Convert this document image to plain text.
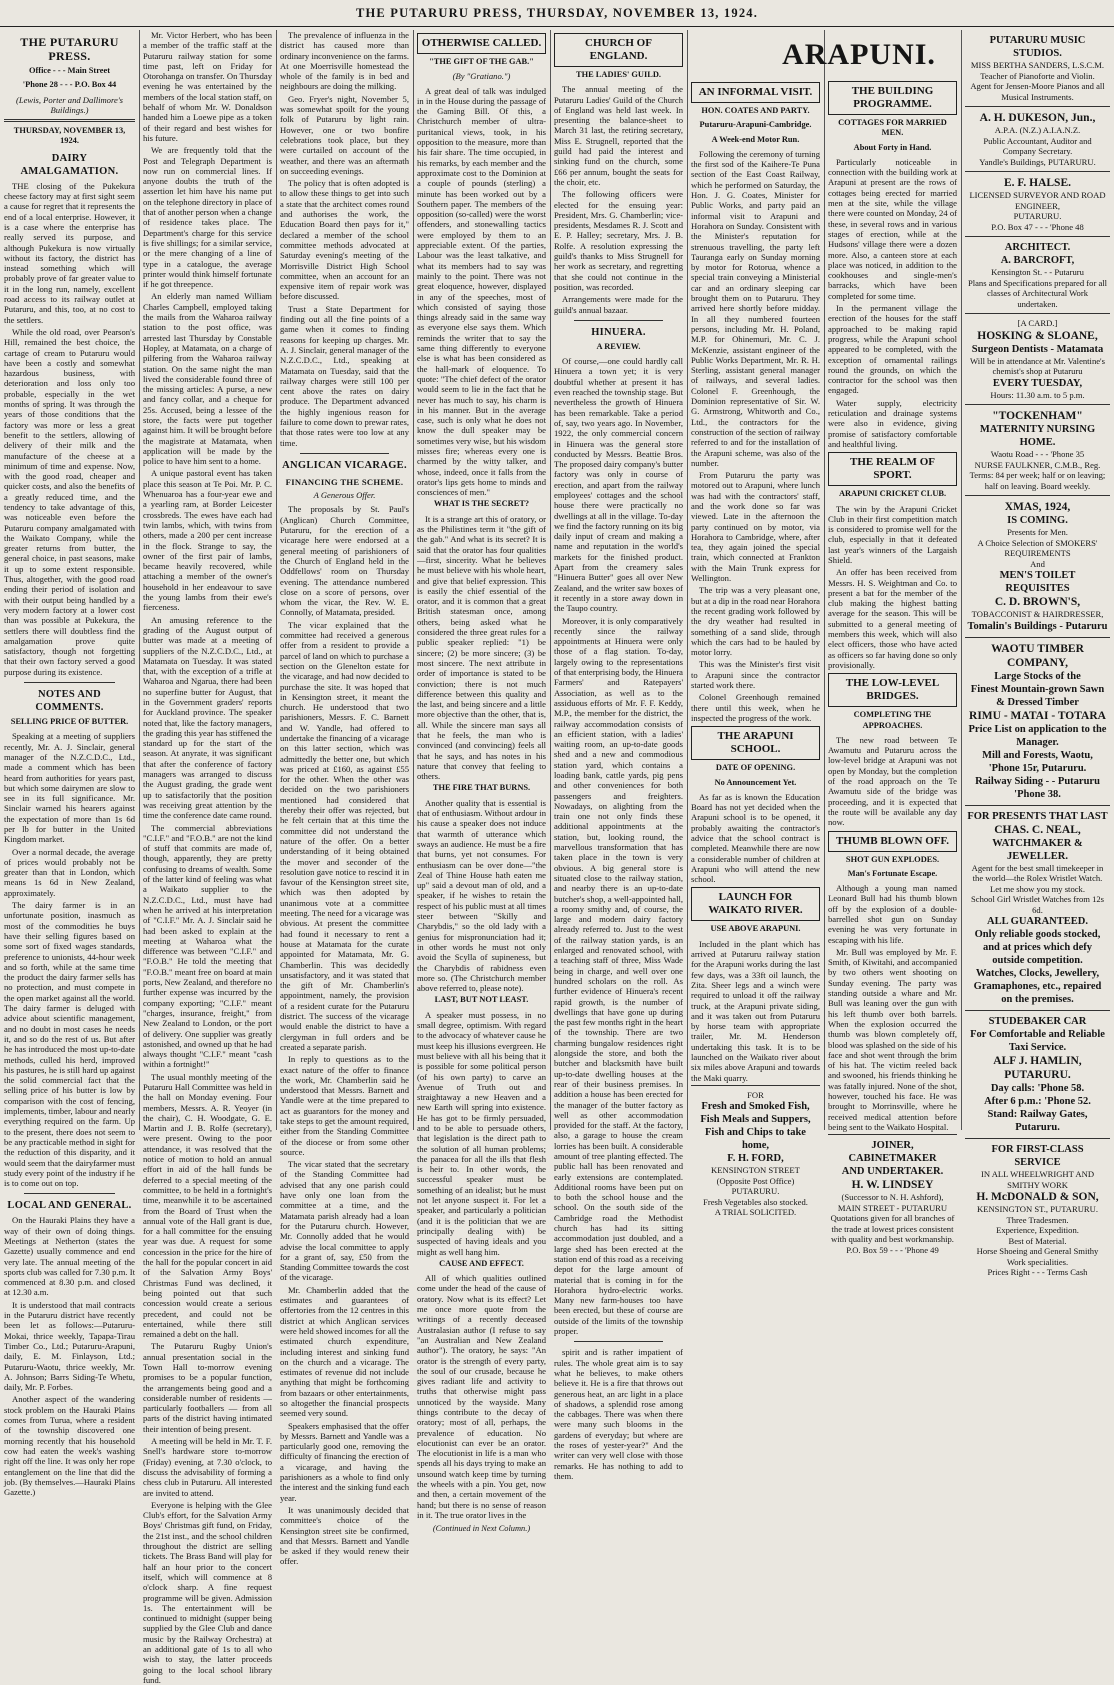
THE PUTARURU PRESS, THURSDAY, NOVEMBER 13, 1924.
THE PUTARURU PRESS.
Office - - - Main Street
'Phone 28 - - - P.O. Box 44
(Lewis, Porter and Dallimore's Buildings.)
THURSDAY, NOVEMBER 13, 1924.
DAIRY AMALGAMATION.

THE closing of the Pukekura cheese factory may at first sight seem a cause for regret that it represents the end of a local enterprise. However, it is a case where the enterprise has really served its purpose, and although Pukekura is now virtually without its factory, the district has instead something which will probably prove of far greater value to it in the long run, namely, excellent road access to its railway outlet at Putaruru, and this, too, at no cost to the settlers.

While the old road, over Pearson's Hill, remained the best choice, the cartage of cream to Putaruru would have been a costly and somewhat hazardous business, with deterioration and loss only too probable, especially in the wet months of spring. It was through the years of those conditions that the factory was more or less a great benefit to the settlers, allowing of delivery of their milk and the manufacture of the cheese at a minimum of time and expense. Now, with the good road, cheaper and quicker costs, and also the benefits of a greatly reduced time, and the tendency to take advantage of this, was noticeable even before the Putaruru company amalgamated with the Waikato Company, while the greater returns from butter, the general choice, in past seasons, make it up to some extent responsible. Thus, altogether, with the good road ending their period of isolation and with their output being handled by a very modern factory at a lower cost than was possible at Pukekura, the settlers there will doubtless find the amalgamation prove quite satisfactory, though not forgetting that their own factory served a good purpose during its existence.

NOTES AND COMMENTS.
SELLING PRICE OF BUTTER.

Speaking at a meeting of suppliers recently, Mr. A. J. Sinclair, general manager of the N.Z.C.D.C., Ltd., made a comment which has been heard from authorities for years past, but which some dairymen are slow to see in its full significance. Mr. Sinclair warned his hearers against the expectation of more than 1s 6d per lb for butter in the United Kingdom market.

Over a normal decade, the average of prices would probably not be greater than that in London, which means 1s 6d in New Zealand, approximately.

The dairy farmer is in an unfortunate position, inasmuch as most of the commodities he buys have their selling figures based on some sort of fixed wages standards, preference to unionists, 44-hour week and so forth, while at the same time the product the dairy farmer sells has no protection, and must compete in the open market against all the world. The dairy farmer is deluged with advice about scientific management, and no doubt in most cases he needs it, and so do the rest of us. But after he has introduced the most up-to-date methods, culled his herd, improved his pastures, he is still hard up against the solid commercial fact that the selling price of his butter is low by comparison with the cost of fencing, implements, timber, labour and nearly everything required on the farm. Up to the present, there does not seem to be any practicable method in sight for the reduction of this disparity, and it would seem that the dairyfarmer must study every point of the industry if he is to come out on top.

LOCAL AND GENERAL.

On the Hauraki Plains they have a way of their own of doing things. Meetings at Netherton (states the Gazette) usually commence and end very late. The annual meeting of the sports club was called for 7.30 p.m. It commenced at 8.30 p.m. and closed at 12.30 a.m.

It is understood that mail contracts in the Putaruru district have recently been let as follows:—Putaruru-Mokai, thrice weekly, Tapapa-Tirau Timber Co., Ltd.; Putaruru-Arapuni, daily, E. M. Finlayson, Ltd.; Putaruru-Waotu, thrice weekly, Mr. A. Johnson; Barrs Siding-Te Whetu, daily, Mr. P. Forbes.

Another aspect of the wandering stock problem on the Hauraki Plains comes from Turua, where a resident of the township discovered one morning recently that his household cow had eaten the week's washing right off the line. It was only her rope entanglement on the line that did the job. (By themselves.—Hauraki Plains Gazette.)

Mr. Victor Herbert, who has been a member of the traffic staff at the Putaruru railway station for some time past, left on Friday for Otorohanga on transfer. On Thursday evening he was entertained by the members of the local station staff, on behalf of whom Mr. W. Donaldson handed him a Loewe pipe as a token of their regard and best wishes for his future.

We are frequently told that the Post and Telegraph Department is now run on commercial lines. If anyone doubts the truth of the assertion let him have his name put on the telephone directory in place of that of another person when a change of residence takes place. The Department's charge for this service is five shillings; for a similar service, or the mere changing of a line of type in a catalogue, the average printer would think himself fortunate if he got threepence.

An elderly man named William Charles Campbell, employed taking the mails from the Waharoa railway station to the post office, was arrested last Thursday by Constable Hopley, at Matamata, on a charge of pilfering from the Waharoa railway station. On the same night the man lived the considerable found three of the missing articles: A purse, a new and fancy collar, and a cheque for 25s. Accused, being a lessee of the store, the facts were put together against him. It will be brought before the magistrate at Matamata, when application will be made by the police to have him sent to a home.

A unique pastoral event has taken place this season at Te Poi. Mr. P. C. Whenuaroa has a four-year ewe and a yearling ram, at Border Leicester crossbreds. The ewes have each had twin lambs, which, with twins from others, made a 200 per cent increase in the flock. Strange to say, the owner of the first pair of lambs, became heavily recovered, while attaching a member of the owner's household in her endeavour to save the young lambs from their ewe's fierceness.

An amusing reference to the grading of the August output of butter was made at a meeting of suppliers of the N.Z.C.D.C., Ltd., at Matamata on Tuesday. It was stated that, with the exception of a trifle at Waharoa and Ngarua, there had been no superfine butter for August, that in the Government graders' reports for Auckland province. The speaker noted that, like the factory managers, the grading this year has stiffened the standard up for the start of the season. At anyrate, it was significant that after the conference of factory managers was arranged to discuss the August grading, the grade went up to satisfactorily that the position was receiving great attention by the time the conference date came round.

The commercial abbreviations "C.I.F." and "F.O.B." are not the kind of stuff that commits are made of, though, apparently, they are pretty confusing to dreams of wealth. Some of the latter kind of feeling was what a Waikato supplier to the N.Z.C.D.C., Ltd., must have had when he arrived at his interpretation of "C.I.F." Mr. A. J. Sinclair said he had been asked to explain at the meeting at Waharoa what the difference was between "C.I.F." and "F.O.B." He told the meeting that "F.O.B." meant free on board at main ports, New Zealand, and therefore no further expense was incurred by the company exporting; "C.I.F." meant "charges, insurance, freight," from New Zealand to London, or the port of delivery. One supplier was greatly astonished, and owned up that he had always thought "C.I.F." meant "cash within a fortnight!"

The usual monthly meeting of the Putaruru Hall Committee was held in the hall on Monday evening. Four members, Messrs. A. R. Yeoyer (in the chair), C. H. Woodgate, G. E. Martin and J. B. Rolfe (secretary), were present. Owing to the poor attendance, it was resolved that the notice of motion to hold an annual effort in aid of the hall funds be deferred to a special meeting of the committee, to be held in a fortnight's time, meanwhile it to be ascertained from the Board of Trust when the annual vote of the Hall grant is due, for a hall committee for the ensuing year was due. A request for some concession in the price for the hire of the hall for the popular concert in aid of the Salvation Army Boys' Christmas Fund was declined, it being pointed out that such concession would create a serious precedent, and could not be entertained, while there still remained a debt on the hall.

The Putaruru Rugby Union's annual presentation social in the Town Hall to-morrow evening promises to be a popular function, the arrangements being good and a considerable number of residents — particularly footballers — from all parts of the district having intimated their intention of being present.

A meeting will be held in Mr. T. F. Snell's hardware store to-morrow (Friday) evening, at 7.30 o'clock, to discuss the advisability of forming a chess club in Putaruru. All interested are invited to attend.

Everyone is helping with the Glee Club's effort, for the Salvation Army Boys' Christmas gift fund, on Friday, the 21st inst., and the school children throughout the district are selling tickets. The Brass Band will play for half an hour prior to the concert itself, which will commence at 8 o'clock sharp. A fine request programme will be given. Admission 1s. The entertainment will be continued to midnight (supper being supplied by the Glee Club and dance music by the Railway Orchestra) at an additional gate of 1s to all who wish to stay, the latter proceeds going to the local school library fund.

The prevalence of influenza in the district has caused more than ordinary inconvenience on the farms. At one Moerrisville homestead the whole of the family is in bed and neighbours are doing the milking.

Geo. Fryer's night, November 5, was somewhat spoilt for the young folk of Putaruru by light rain. However, one or two bonfire celebrations took place, but they were curtailed on account of the weather, and there was an aftermath on succeeding evenings.

The policy that is often adopted is to allow these things to get into such a state that the architect comes round and authorises the work, the Education Board then pays for it," declared a member of the school committee methods advocated at Saturday evening's meeting of the Morrisville District High School committee, when an account for an expensive item of repair work was before discussed.

Trust a State Department for finding out all the fine points of a game when it comes to finding reasons for keeping up charges. Mr. A. J. Sinclair, general manager of the N.Z.C.D.C., Ltd., speaking at Matamata on Tuesday, said that the railway charges were still 100 per cent above the rates on dairy produce. The Department advanced the highly ingenious reason for failure to come down to prewar rates, that those rates were too low at any time.

ANGLICAN VICARAGE.
FINANCING THE SCHEME.
A Generous Offer.

The proposals by St. Paul's (Anglican) Church Committee, Putaruru, for the erection of a vicarage here were endorsed at a general meeting of parishioners of the Church of England held in the Oddfellows' room on Thursday evening. The attendance numbered close on a score of persons, over whom the vicar, the Rev. W. E. Connolly, of Matamata, presided.

The vicar explained that the committee had received a generous offer from a resident to provide a parcel of land on which to purchase a section on the Glenelton estate for the vicarage, and had now decided to purchase the site. It was hoped that in Kensington street, it meant the church. He understood that two parishioners, Messrs. F. C. Barnett and W. Yandle, had offered to undertake the financing of a vicarage on this latter section, which was admittedly the better one, but which was priced at £160, as against £55 for the other. When the other was decided on the two parishioners mentioned had considered that thereby their offer was rejected, but he felt certain that at this time the committee did not understand the nature of the offer. On a better understanding of it being obtained the mover and seconder of the resolution gave notice to rescind it in favour of the Kensington street site, which was then adopted by unanimous vote at a committee meeting. The need for a vicarage was obvious. At present the committee had found it necessary to rent a house at Matamata for the curate appointed for Matamata, Mr. G. Chamberlin. This was decidedly unsatisfactory, and it was stated that the gift of Mr. Chamberlin's appointment, namely, the provision of a resident curate for the Putaruru district. The success of the vicarage would enable the district to have a clergyman in full orders and be created a separate parish.

In reply to questions as to the exact nature of the offer to finance the work, Mr. Chamberlin said he understood that Messrs. Barnett and Yandle were at the time prepared to act as guarantors for the money and take steps to get the amount required, either from the Standing Committee of the diocese or from some other source.

The vicar stated that the secretary of the Standing Committee had advised that any one parish could have only one loan from the committee at a time, and the Matamata parish already had a loan for the Putaruru church. However, Mr. Connolly added that he would advise the local committee to apply for a grant of, say, £50 from the Standing Committee towards the cost of the vicarage.

Mr. Chamberlin added that the estimates and guarantees of offertories from the 12 centres in this district at which Anglican services were held showed incomes for all the estimated church expenditure, including interest and sinking fund on the church and a vicarage. The estimates of revenue did not include anything that might be forthcoming from bazaars or other entertainments, so altogether the financial prospects seemed very sound.

Speakers emphasised that the offer by Messrs. Barnett and Yandle was a particularly good one, removing the difficulty of financing the erection of a vicarage, and having the parishioners as a whole to find only the interest and the sinking fund each year.

It was unanimously decided that committee's choice of the Kensington street site be confirmed, and that Messrs. Barnett and Yandle be asked if they would renew their offer.

OTHERWISE CALLED.
"THE GIFT OF THE GAB."
(By "Gratiano.")

A great deal of talk was indulged in in the House during the passage of the Gaming Bill. Of this, a Christchurch member of ultra-puritanical views, took, in his opposition to the measure, more than his fair share. The time occupied, in his remarks, by each member and the approximate cost to the Dominion at a couple of pounds (sterling) a minute has been worked out by a Southern paper. The members of the opposition (so-called) were the worst offenders, and stonewalling tactics were employed by them to an appreciable extent. Of the parties, Labour was the least talkative, and what its members had to say was mainly to the point. There was not great eloquence, however, displayed in any of the speeches, most of which consisted of saying those things already said in the same way as everyone else says them. Which reminds the writer that to say the same thing differently to everyone else is what has been considered as the hall-mark of eloquence. To quote: "The chief defect of the orator would seem to lie in the fact that he never has much to say, his charm is in his manner. But in the average case, such is only what he does not know the dull speaker may be sometimes very wise, but his wisdom misses fire; whereas every one is charmed by the witty talker, and whose, indeed, once it falls from the orator's lips gets home to minds and consciences of men."

WHAT IS THE SECRET?

It is a strange art this of oratory, or as the Philistines term it "the gift of the gab." And what is its secret? It is said that the orator has four qualities—first, sincerity. What he believes he must believe with his whole heart, and give that belief expression. This is easily the chief essential of the orator, and it is common that a great British statesman once, among others, being asked what he considered the three great rules for a public speaker replied: "1) be sincere; (2) be more sincere; (3) be most sincere. The next attribute in order of importance is stated to be conviction; there is not much difference between this quality and the last, and being sincere and a little more objective than the other, that is, all. While the sincere man says all that he feels, the man who is convinced (and convincing) feels all that he says, and has notes in his nature that convey that feeling to others.

THE FIRE THAT BURNS.

Another quality that is essential is that of enthusiasm. Without ardour in his cause a speaker does not induce that warmth of utterance which sways an audience. He must be a fire that burns, yet not consumes. For enthusiasm can be over done—"the Zeal of Thine House hath eaten me up" said a devout man of old, and a speaker, if he wishes to retain the respect of his public must at all times steer between "Skilly and Charybdis," so the old lady with a genius for mispronunciation had it; in other words he must not only avoid the Scylla of supineness, but the Charybdis of rabidness even more so. (The Christchurch member above referred to, please note).

LAST, BUT NOT LEAST.

A speaker must possess, in no small degree, optimism. With regard to the advocacy of whatever cause he must keep his illusions evergreen. He must believe with all his being that it is possible for some political person (of his own party) to carve an Avenue of Truth out and straightaway a new Heaven and a new Earth will spring into existence. He has got to be firmly persuaded, and to be able to persuade others, that legislation is the direct path to the solution of all human problems; the panacea for all the ills that flesh is heir to. In other words, the successful speaker must be something of an idealist; but he must not let anyone suspect it. For let a speaker, and particularly a politician (and it is the politician that we are principally dealing with) be suspected of having ideals and you might as well hang him.

CAUSE AND EFFECT.

All of which qualities outlined come under the head of the cause of oratory. Now what is its effect? Let me once more quote from the writings of a recently deceased Australasian author (I refuse to say "an Australian and New Zealand author"). The oratory, he says: "An orator is the strength of every party, the soul of our crusade, because he gives radiant life and activity to truths that otherwise might pass unnoticed by the wayside. Many things contribute to the decay of oratory; most of all, perhaps, the prevalence of education. No elocutionist can ever be an orator. The elocutionist in life is a man who spends all his days trying to make an unsound watch keep time by turning the wheels with a pin. You get, now and then, a certain movement of the hand; but there is no sense of reason in it. The true orator lives in the

(Continued in Next Column.)
CHURCH OF ENGLAND.
THE LADIES' GUILD.

The annual meeting of the Putaruru Ladies' Guild of the Church of England was held last week. In presenting the balance-sheet to March 31 last, the retiring secretary, Miss E. Strugnell, reported that the guild had paid the interest and sinking fund on the church, some £66 per annum, bought the seats for the choir, etc.

The following officers were elected for the ensuing year: President, Mrs. G. Chamberlin; vice-presidents, Mesdames R. J. Scott and E. P. Halley; secretary, Mrs. J. B. Rolfe. A resolution expressing the guild's thanks to Miss Strugnell for her work as secretary, and regretting that she could not continue in the position, was recorded.

Arrangements were made for the guild's annual bazaar.

HINUERA.
A REVIEW.

Of course,—one could hardly call Hinuera a town yet; it is very doubtful whether at present it has even reached the township stage. But nevertheless the growth of Hinuera has been remarkable. Take a period of, say, two years ago. In November, 1922, the only commercial concern in Hinuera was the general store conducted by Messrs. Beattie Bros. The proposed dairy company's butter factory was only in course of erection, and apart from the railway employees' cottages and the school house there were practically no dwellings at all in the village. To-day we find the factory running on its big daily input of cream and making a name and reputation in the world's markets for the finished product. Apart from the creamery sales "Hinuera Butter" goes all over New Zealand, and the writer saw boxes of it recently in a store away down in the Taupo country.

Moreover, it is only comparatively recently since the railway appointments at Hinuera were only those of a flag station. To-day, largely owing to the representations of that enterprising body, the Hinuera Farmers' and Ratepayers' Association, as well as to the assiduous efforts of Mr. F. F. Keddy, M.P., the member for the district, the railway accommodation consists of an efficient station, with a ladies' waiting room, an up-to-date goods shed and a new and commodious station yard, which contains a loading bank, cattle yards, pig pens and other conveniences for both passengers and freighters. Nowadays, on alighting from the train one not only finds these additional appointments at the station, but, looking round, the marvellous transformation that has taken place in the town is very obvious. A big general store is situated close to the railway station, and nearby there is an up-to-date butcher's shop, a well-appointed hall, a roomy smithy and, of course, the large and modern dairy factory already referred to. Just to the west of the railway station yards, is an enlarged and renovated school, with a teaching staff of three, Miss Wade being in charge, and well over one hundred scholars on the roll. As further evidence of Hinuera's recent rapid growth, is the number of dwellings that have gone up during the past few months right in the heart of the township. There are two charming bungalow residences right alongside the store, and both the butcher and blacksmith have built up-to-date dwelling houses at the rear of their business premises. In addition a house has been erected for the manager of the butter factory as well as other accommodation provided for the staff. At the factory, also, a garage to house the cream lorries has been built. A considerable amount of tree planting effected. The public hall has been renovated and early extensions are contemplated. Additional rooms have been put on to both the school house and the school. On the south side of the Cambridge road the Methodist church has had its sitting accommodation just doubled, and a large shed has been erected at the station end of this road as a receiving depot for the large amount of material that is coming in for the Horahora hydro-electric works. Many new farm-houses too have been erected, but these of course are outside of the limits of the township proper.

spirit and is rather impatient of rules. The whole great aim is to say what he believes, to make others believe it. He is a fire that throws out generous heat, an arc light in a place of shadows, a splendid rose among the cabbages. There was when there were many such blooms in the gardens of everyday; but where are the roses of yester-year?" And the writer can very well close with those remarks. He has nothing to add to them.

ARAPUNI.
AN INFORMAL VISIT.
HON. COATES AND PARTY.
Putaruru-Arapuni-Cambridge.
A Week-end Motor Run.

Following the ceremony of turning the first sod of the Kaihere-Te Puna section of the East Coast Railway, which he performed on Saturday, the Hon. J. G. Coates, Minister for Public Works, and party paid an informal visit to Arapuni and Horahora on Sunday. Consistent with the Minister's reputation for strenuous travelling, the party left Tauranga early on Sunday morning by motor for Rotorua, whence a special train conveying a Ministerial car and an ordinary sleeping car brought them on to Putaruru. They arrived here shortly before midday. In all they numbered fourteen persons, including Mr. H. Poland, M.P. for Ohinemuri, Mr. C. J. McKenzie, assistant engineer of the Public Works Department, Mr. R. H. Sterling, assistant general manager of railways, and several ladies. Colonel F. Greenhough, the Dominion representative of Sir. W. G. Armstrong, Whitworth and Co., Ltd., the contractors for the construction of the section of railway referred to and for the installation of the Arapuni scheme, was also of the number.

From Putaruru the party was motored out to Arapuni, where lunch was had with the contractors' staff, and the work done so far was viewed. Late in the afternoon the party continued on by motor, via Horahora to Cambridge, where, after tea, they again joined the special train, which connected at Frankton with the Main Trunk express for Wellington.

The trip was a very pleasant one, but at a dip in the road near Horahora the recent grading work followed by the dry weather had resulted in something of a sand slide, through which the cars had to be hauled by motor lorry.

This was the Minister's first visit to Arapuni since the contractor started work there.

Colonel Greenhough remained there until this week, when he inspected the progress of the work.

THE ARAPUNI SCHOOL.
DATE OF OPENING.
No Announcement Yet.

As far as is known the Education Board has not yet decided when the Arapuni school is to be opened, it probably awaiting the contractor's advice that the school contract is completed. Meanwhile there are now a considerable number of children at Arapuni who will attend the new school.

LAUNCH FOR WAIKATO RIVER.
USE ABOVE ARAPUNI.

Included in the plant which has arrived at Putaruru railway station for the Arapuni works during the last few days, was a 33ft oil launch, the Zita. Sheer legs and a winch were required to unload it off the railway truck, at the Arapuni private siding, and it was taken out from Putaruru by horse team with appropriate trailer, Mr. M. Henderson undertaking this task. It is to be launched on the Waikato river about six miles above Arapuni and towards the Maki quarry.

FOR
Fresh and Smoked Fish,
Fish Meals and Suppers,
Fish and Chips to take home,
F. H. FORD,
KENSINGTON STREET
(Opposite Post Office)
PUTARURU.
Fresh Vegetables also stocked.
A TRIAL SOLICITED.
THE BUILDING PROGRAMME.
COTTAGES FOR MARRIED MEN.
About Forty in Hand.

Particularly noticeable in connection with the building work at Arapuni at present are the rows of cottages being erected for married men at the site, while the village there were counted on Monday, 24 of these, in several rows and in various stages of erection, while at the Hudsons' village there were a dozen more. Also, a canteen store at each place was noticed, in addition to the cookhouses and single-men's barracks, which have been completed for some time.

In the permanent village the erection of the houses for the staff approached to be making rapid progress, while the Arapuni school appeared to be completed, with the exception of ornamental railings round the grounds, on which the contractor for the school was then engaged.

Water supply, electricity reticulation and drainage systems were also in evidence, giving promise of satisfactory comfortable and healthful living.

THE REALM OF SPORT.
ARAPUNI CRICKET CLUB.

The win by the Arapuni Cricket Club in their first competition match is considered to promise well for the club, especially in that it defeated last year's winners of the Largaish Shield.

An offer has been received from Messrs. H. S. Weightman and Co. to present a bat for the member of the club making the highest batting average for the season. This will be submitted to a general meeting of members this week, which will also elect officers, those who have acted as officers so far having done so only provisionally.

THE LOW-LEVEL BRIDGES.
COMPLETING THE APPROACHES.

The new road between Te Awamutu and Putaruru across the low-level bridge at Arapuni was not open by Monday, but the completion of the road approach on the Te Awamutu side of the bridge was proceeding, and it is expected that the route will be available any day now.

THUMB BLOWN OFF.
SHOT GUN EXPLODES.
Man's Fortunate Escape.

Although a young man named Leonard Bull had his thumb blown off by the explosion of a double-barrelled shot gun on Sunday evening he was very fortunate in escaping with his life.

Mr. Bull was employed by Mr. F. Smith, of Kiwitahi, and accompanied by two others went shooting on Sunday evening. The party was standing outside a whare and Mr. Bull was leaning over the gun with his left thumb over both barrels. When the explosion occurred the thumb was blown completely off, blood was splashed on the side of his face and shot went through the brim of his hat. The victim reeled back and swooned, his friends thinking he was fatally injured. None of the shot, however, touched his face. He was brought to Morrinsville, where he received medical attention before being sent to the Waikato Hospital.

JOINER, CABINETMAKER
AND UNDERTAKER.
H. W. LINDSEY
(Successor to N. H. Ashford),
MAIN STREET - PUTARURU
Quotations given for all branches of the trade at lowest prices consistent with quality and best workmanship.
P.O. Box 59 - - - 'Phone 49
PUTARURU MUSIC STUDIOS.
MISS BERTHA SANDERS, L.S.C.M.
Teacher of Pianoforte and Violin.
Agent for Jensen-Moore Pianos and all Musical Instruments.
A. H. DUKESON, Jun.,
A.P.A. (N.Z.) A.I.A.N.Z.
Public Accountant, Auditor and Company Secretary.
Yandle's Buildings, PUTARURU.
E. F. HALSE.
LICENSED SURVEYOR AND ROAD ENGINEER,
PUTARURU.
P.O. Box 47 - - - 'Phone 48
ARCHITECT.
A. BARCROFT,
Kensington St. - - Putaruru
Plans and Specifications prepared for all classes of Architectural Work undertaken.
[A CARD.]
HOSKING & SLOANE,
Surgeon Dentists - Matamata
Will be in attendance at Mr. Valentine's chemist's shop at Putaruru
EVERY TUESDAY,
Hours: 11.30 a.m. to 5 p.m.
"TOCKENHAM"
MATERNITY NURSING HOME.
Waotu Road - - - 'Phone 35
NURSE FAULKNER, C.M.B., Reg.
Terms: 84 per week; half or on leaving; half on leaving. Board weekly.
XMAS, 1924,
IS COMING.
Presents for Men.
A Choice Selection of SMOKERS' REQUIREMENTS
And
MEN'S TOILET REQUISITES
C. D. BROWN'S,
TOBACCONIST & HAIRDRESSER,
Tomalin's Buildings - Putaruru
WAOTU TIMBER COMPANY,
Large Stocks of the
Finest Mountain-grown Sawn & Dressed Timber
RIMU - MATAI - TOTARA
Price List on application to the Manager.
Mill and Forests, Waotu, 'Phone 15r, Putaruru.
Railway Siding - - Putaruru
'Phone 38.
FOR PRESENTS THAT LAST
CHAS. C. NEAL,
WATCHMAKER & JEWELLER.
Agent for the best small timekeeper in the world—the Rolex Wristlet Watch.
Let me show you my stock.
School Girl Wristlet Watches from 12s 6d.
ALL GUARANTEED.
Only reliable goods stocked, and at prices which defy outside competition.
Watches, Clocks, Jewellery, Gramaphones, etc., repaired on the premises.
STUDEBAKER CAR
For Comfortable and Reliable Taxi Service.
ALF J. HAMLIN, PUTARURU.
Day calls: 'Phone 58.
After 6 p.m.: 'Phone 52.
Stand: Railway Gates, Putaruru.
FOR FIRST-CLASS SERVICE
IN ALL WHEELWRIGHT AND SMITHY WORK
H. McDONALD & SON,
KENSINGTON ST., PUTARURU.
Three Tradesmen.
Experience, Expedition.
Best of Material.
Horse Shoeing and General Smithy Work specialities.
Prices Right - - - Terms Cash
